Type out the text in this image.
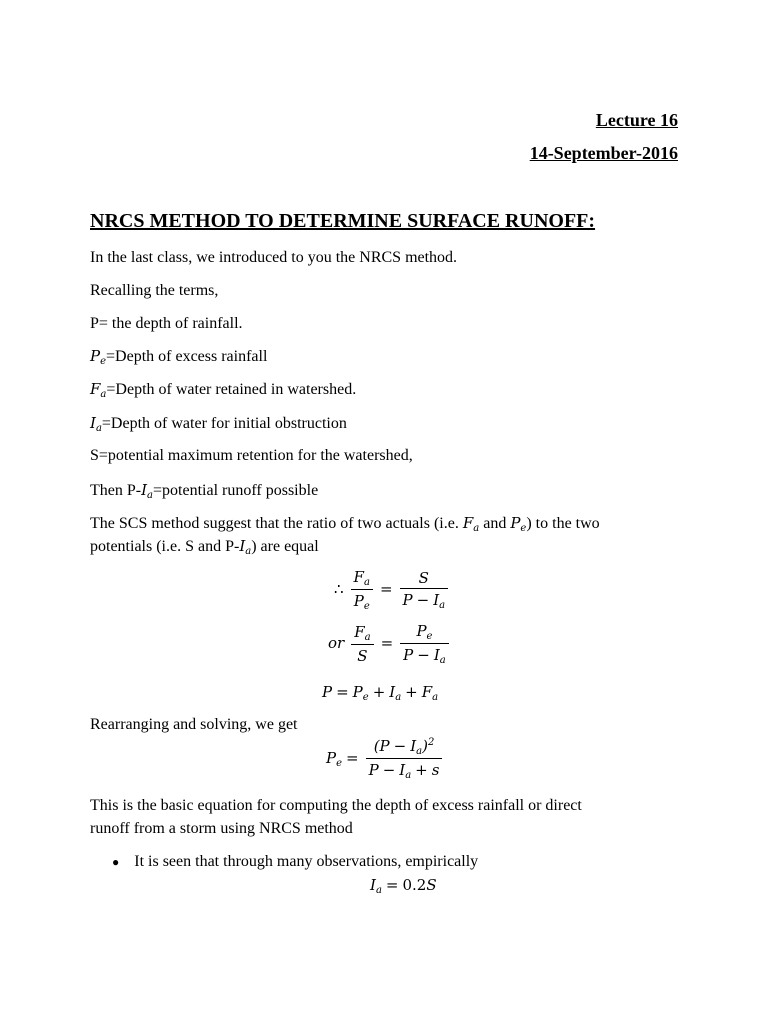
Lecture 16
14-September-2016
NRCS METHOD TO DETERMINE SURFACE RUNOFF:
In the last class, we introduced to you the NRCS method.
Recalling the terms,
P= the depth of rainfall.
$P_e=Depth$ of excess rainfall
$F_a=Depth$ of water retained in watershed.
$I_a=Depth$ of water for initial obstruction
S=potential maximum retention for the watershed,
Then $P-I_a=potential$ runoff possible
The SCS method suggest that the ratio of two actuals (i.e. $F_a$ and $P_e$) to the two
potentials (i.e. S and $P-I_a$) are equal
∴ $\frac{F_a}{P_e} = \frac{S}{P - I_a}$
or $\frac{F_a}{S} = \frac{P_e}{P - I_a}$
$P = P_e + I_a + F_a$
Rearranging and solving, we get
$P_e = \frac{(P - I_a)^2}{P - I_a + s}$
This is the basic equation for computing the depth of excess rainfall or direct
runoff from a storm using NRCS method
● It is seen that through many observations, empirically
$I_a = 0.2S$
